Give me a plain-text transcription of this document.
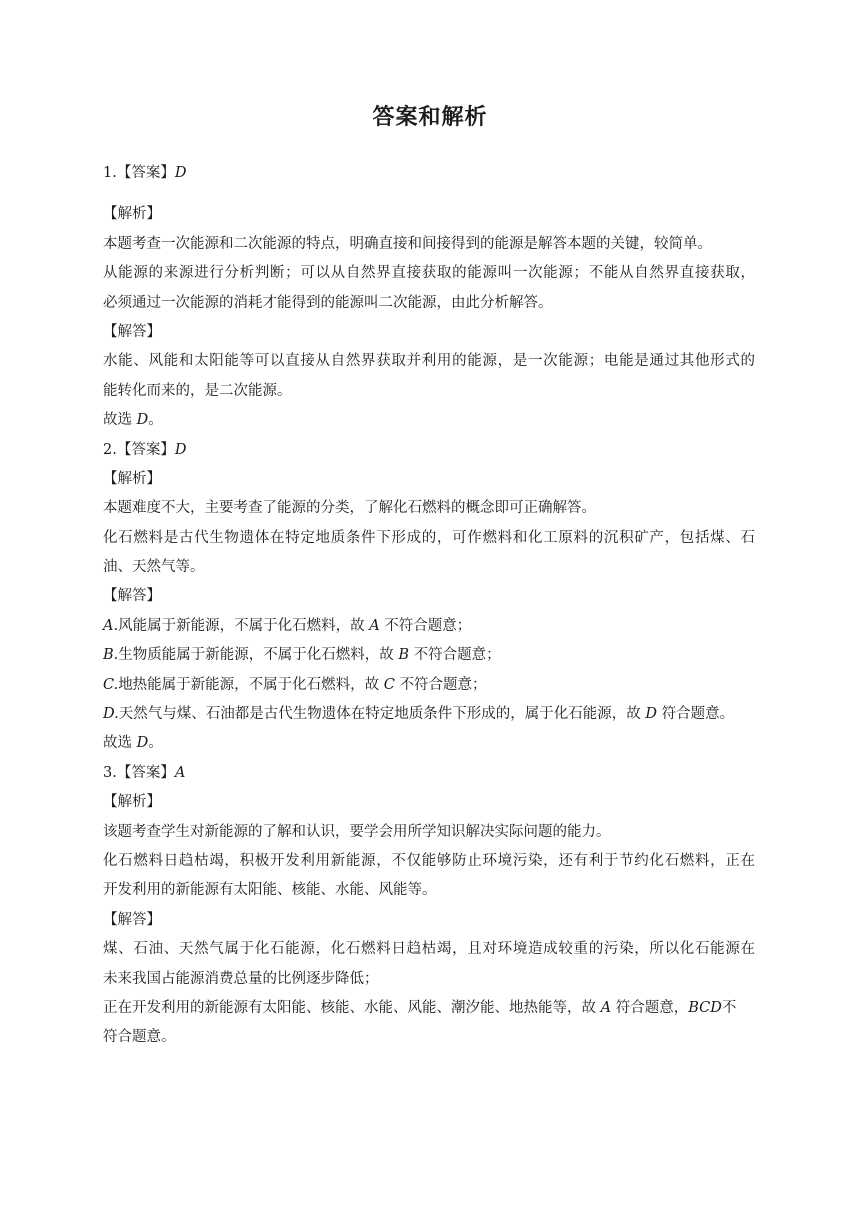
答案和解析
1.【答案】D
【解析】
本题考查一次能源和二次能源的特点，明确直接和间接得到的能源是解答本题的关键，较简单。
从能源的来源进行分析判断；可以从自然界直接获取的能源叫一次能源；不能从自然界直接获取，
必须通过一次能源的消耗才能得到的能源叫二次能源，由此分析解答。
【解答】
水能、风能和太阳能等可以直接从自然界获取并利用的能源，是一次能源；电能是通过其他形式的
能转化而来的，是二次能源。
故选 D。
2.【答案】D
【解析】
本题难度不大，主要考查了能源的分类，了解化石燃料的概念即可正确解答。
化石燃料是古代生物遗体在特定地质条件下形成的，可作燃料和化工原料的沉积矿产，包括煤、石
油、天然气等。
【解答】
A.风能属于新能源，不属于化石燃料，故 A 不符合题意；
B.生物质能属于新能源，不属于化石燃料，故 B 不符合题意；
C.地热能属于新能源，不属于化石燃料，故 C 不符合题意；
D.天然气与煤、石油都是古代生物遗体在特定地质条件下形成的，属于化石能源，故 D 符合题意。
故选 D。
3.【答案】A
【解析】
该题考查学生对新能源的了解和认识，要学会用所学知识解决实际问题的能力。
化石燃料日趋枯竭，积极开发利用新能源，不仅能够防止环境污染，还有利于节约化石燃料，正在
开发利用的新能源有太阳能、核能、水能、风能等。
【解答】
煤、石油、天然气属于化石能源，化石燃料日趋枯竭，且对环境造成较重的污染，所以化石能源在
未来我国占能源消费总量的比例逐步降低；
正在开发利用的新能源有太阳能、核能、水能、风能、潮汐能、地热能等，故 A 符合题意，BCD不
符合题意。
